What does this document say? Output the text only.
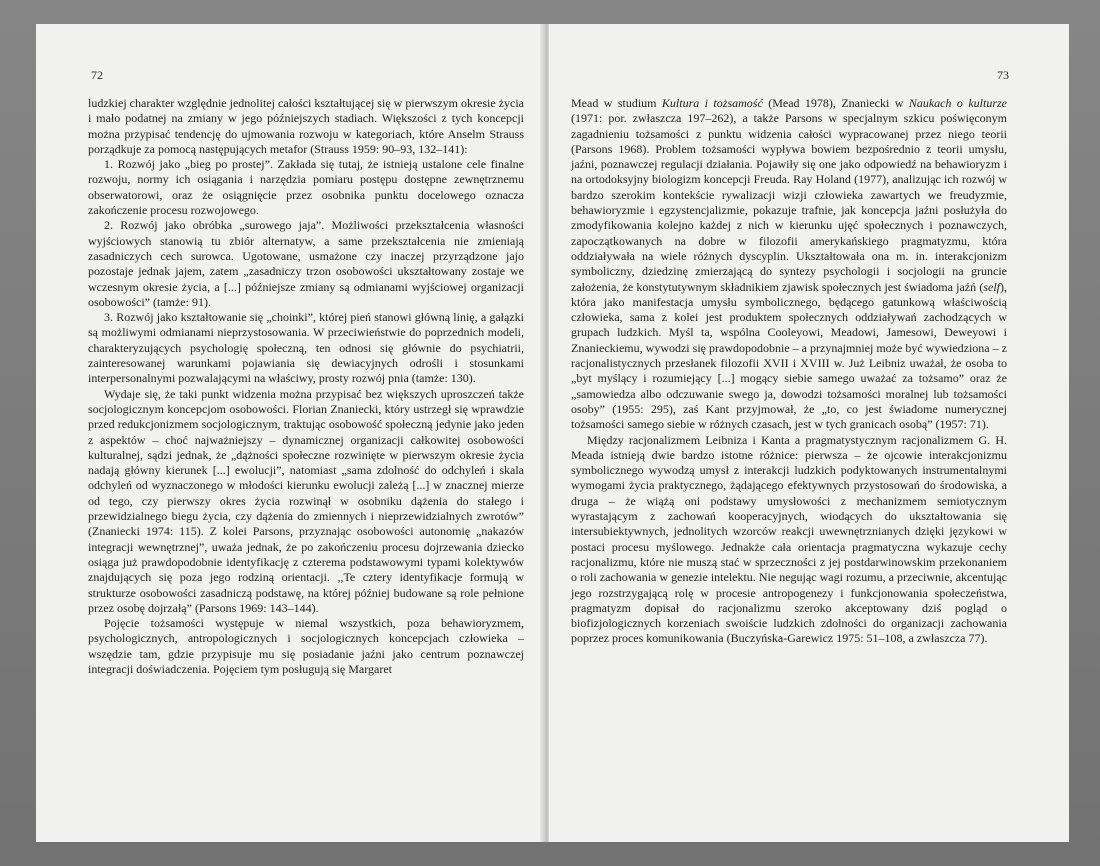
72

ludzkiej charakter względnie jednolitej całości kształtującej się w pierwszym okresie życia i mało podatnej na zmiany w jego późniejszych stadiach. Większości z tych koncepcji można przypisać tendencję do ujmowania rozwoju w kategoriach, które Anselm Strauss porządkuje za pomocą następujących metafor (Strauss 1959: 90–93, 132–141):

1. Rozwój jako „bieg po prostej”. Zakłada się tutaj, że istnieją ustalone cele finalne rozwoju, normy ich osiągania i narzędzia pomiaru postępu dostępne zewnętrznemu obserwatorowi, oraz że osiągnięcie przez osobnika punktu docelowego oznacza zakończenie procesu rozwojowego.

2. Rozwój jako obróbka „surowego jaja”. Możliwości przekształcenia własności wyjściowych stanowią tu zbiór alternatyw, a same przekształcenia nie zmieniają zasadniczych cech surowca. Ugotowane, usmażone czy inaczej przyrządzone jajo pozostaje jednak jajem, zatem „zasadniczy trzon osobowości ukształtowany zostaje we wczesnym okresie życia, a [...] późniejsze zmiany są odmianami wyjściowej organizacji osobowości” (tamże: 91).

3. Rozwój jako kształtowanie się „choinki”, której pień stanowi główną linię, a gałązki są możliwymi odmianami nieprzystosowania. W przeciwieństwie do poprzednich modeli, charakteryzujących psychologię społeczną, ten odnosi się głównie do psychiatrii, zainteresowanej warunkami pojawiania się dewiacyjnych odrośli i stosunkami interpersonalnymi pozwalającymi na właściwy, prosty rozwój pnia (tamże: 130).

Wydaje się, że taki punkt widzenia można przypisać bez większych uproszczeń także socjologicznym koncepcjom osobowości. Florian Znaniecki, który ustrzegł się wprawdzie przed redukcjonizmem socjologicznym, traktując osobowość społeczną jedynie jako jeden z aspektów – choć najważniejszy – dynamicznej organizacji całkowitej osobowości kulturalnej, sądzi jednak, że „dążności społeczne rozwinięte w pierwszym okresie życia nadają główny kierunek [...] ewolucji”, natomiast „sama zdolność do odchyleń i skala odchyleń od wyznaczonego w młodości kierunku ewolucji zależą [...] w znacznej mierze od tego, czy pierwszy okres życia rozwinął w osobniku dążenia do stałego i przewidzialnego biegu życia, czy dążenia do zmiennych i nieprzewidzialnych zwrotów” (Znaniecki 1974: 115). Z kolei Parsons, przyznając osobowości autonomię „nakazów integracji wewnętrznej”, uważa jednak, że po zakończeniu procesu dojrzewania dziecko osiąga już prawdopodobnie identyfikację z czterema podstawowymi typami kolektywów znajdujących się poza jego rodziną orientacji. ,,Te cztery identyfikacje formują w strukturze osobowości zasadniczą podstawę, na której później budowane są role pełnione przez osobę dojrzałą” (Parsons 1969: 143–144).

Pojęcie tożsamości występuje w niemal wszystkich, poza behawioryzmem, psychologicznych, antropologicznych i socjologicznych koncepcjach człowieka – wszędzie tam, gdzie przypisuje mu się posiadanie jaźni jako centrum poznawczej integracji doświadczenia. Pojęciem tym posługują się Margaret

73

Mead w studium Kultura i tożsamość (Mead 1978), Znaniecki w Naukach o kulturze (1971: por. zwłaszcza 197–262), a także Parsons w specjalnym szkicu poświęconym zagadnieniu tożsamości z punktu widzenia całości wypracowanej przez niego teorii (Parsons 1968). Problem tożsamości wypływa bowiem bezpośrednio z teorii umysłu, jaźni, poznawczej regulacji działania. Pojawiły się one jako odpowiedź na behawioryzm i na ortodoksyjny biologizm koncepcji Freuda. Ray Holand (1977), analizując ich rozwój w bardzo szerokim kontekście rywalizacji wizji człowieka zawartych we freudyzmie, behawioryzmie i egzystencjalizmie, pokazuje trafnie, jak koncepcja jaźni posłużyła do zmodyfikowania kolejno każdej z nich w kierunku ujęć społecznych i poznawczych, zapoczątkowanych na dobre w filozofii amerykańskiego pragmatyzmu, która oddziaływała na wiele różnych dyscyplin. Ukształtowała ona m. in. interakcjonizm symboliczny, dziedzinę zmierzającą do syntezy psychologii i socjologii na gruncie założenia, że konstytutywnym składnikiem zjawisk społecznych jest świadoma jaźń (self), która jako manifestacja umysłu symbolicznego, będącego gatunkową właściwością człowieka, sama z kolei jest produktem społecznych oddziaływań zachodzących w grupach ludzkich. Myśl ta, wspólna Cooleyowi, Meadowi, Jamesowi, Deweyowi i Znanieckiemu, wywodzi się prawdopodobnie – a przynajmniej może być wywiedziona – z racjonalistycznych przesłanek filozofii XVII i XVIII w. Już Leibniz uważał, że osoba to „byt myślący i rozumiejący [...] mogący siebie samego uważać za tożsamo” oraz że „samowiedza albo odczuwanie swego ja, dowodzi tożsamości moralnej lub tożsamości osoby” (1955: 295), zaś Kant przyjmował, że „to, co jest świadome numerycznej tożsamości samego siebie w różnych czasach, jest w tych granicach osobą” (1957: 71).

Między racjonalizmem Leibniza i Kanta a pragmatystycznym racjonalizmem G. H. Meada istnieją dwie bardzo istotne różnice: pierwsza – że ojcowie interakcjonizmu symbolicznego wywodzą umysł z interakcji ludzkich podyktowanych instrumentalnymi wymogami życia praktycznego, żądającego efektywnych przystosowań do środowiska, a druga – że wiążą oni podstawy umysłowości z mechanizmem semiotycznym wyrastającym z zachowań kooperacyjnych, wiodących do ukształtowania się intersubiektywnych, jednolitych wzorców reakcji uwewnętrznianych dzięki językowi w postaci procesu myślowego. Jednakże cała orientacja pragmatyczna wykazuje cechy racjonalizmu, które nie muszą stać w sprzeczności z jej postdarwinowskim przekonaniem o roli zachowania w genezie intelektu. Nie negując wagi rozumu, a przeciwnie, akcentując jego rozstrzygającą rolę w procesie antropogenezy i funkcjonowania społeczeństwa, pragmatyzm dopisał do racjonalizmu szeroko akceptowany dziś pogląd o biofizjologicznych korzeniach swoiście ludzkich zdolności do organizacji zachowania poprzez proces komunikowania (Buczyńska-Garewicz 1975: 51–108, a zwłaszcza 77).
